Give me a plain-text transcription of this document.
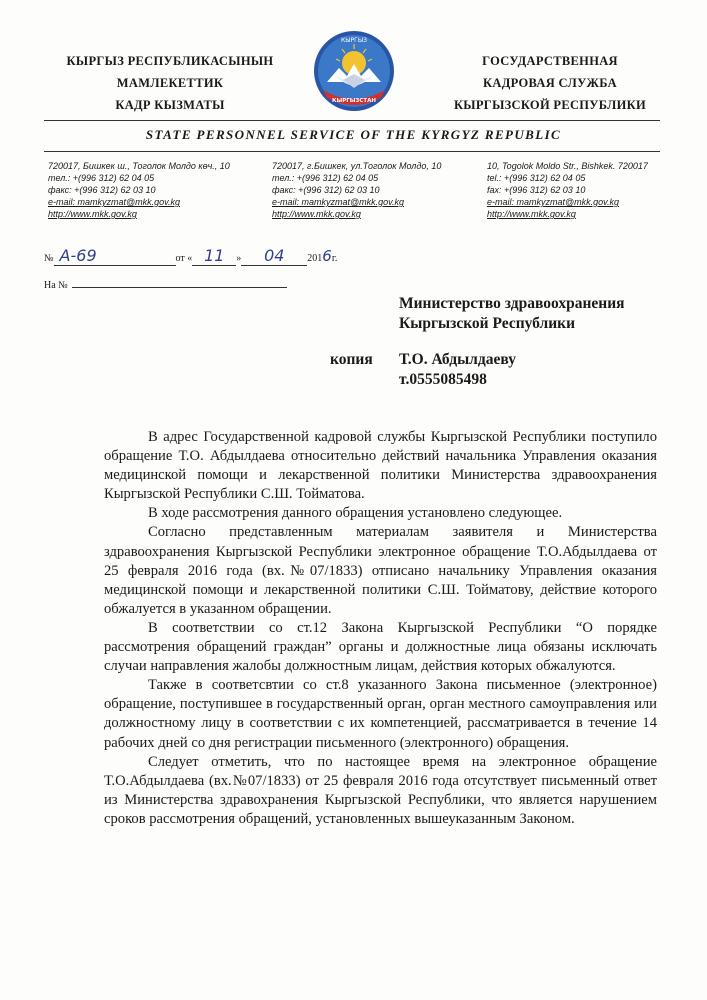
КЫРГЫЗ РЕСПУБЛИКАСЫНЫН
МАМЛЕКЕТТИК
КАДР КЫЗМАТЫ
КЫРГЫЗ
КЫРГЫЗСТАН
ГОСУДАРСТВЕННАЯ
КАДРОВАЯ СЛУЖБА
КЫРГЫЗСКОЙ РЕСПУБЛИКИ
STATE PERSONNEL SERVICE OF THE KYRGYZ REPUBLIC
720017, Бишкек ш., Тоголок Молдо көч., 10
тел.: +(996 312) 62 04 05
факс: +(996 312) 62 03 10
e-mail: mamkyzmat@mkk.gov.kg
http://www.mkk.gov.kg
720017, г.Бишкек, ул.Тоголок Молдо, 10
тел.: +(996 312) 62 04 05
факс: +(996 312) 62 03 10
e-mail: mamkyzmat@mkk.gov.kg
http://www.mkk.gov.kg
10, Togolok Moldo Str., Bishkek. 720017
tel.: +(996 312) 62 04 05
fax: +(996 312) 62 03 10
e-mail: mamkyzmat@mkk.gov.kg
http://www.mkk.gov.kg
№ А-69	от « 11 » 04 2016г.
На №
Министерство здравоохранения
Кыргызской Республики
копия Т.О. Абдылдаеву
т.0555085498

В адрес Государственной кадровой службы Кыргызской Республики поступило обращение Т.О. Абдылдаева относительно действий начальника Управления оказания медицинской помощи и лекарственной политики Министерства здравоохранения Кыргызской Республики С.Ш. Тойматова.

В ходе рассмотрения данного обращения установлено следующее.

Согласно представленным материалам заявителя и Министерства здравоохранения Кыргызской Республики электронное обращение Т.О.Абдылдаева от 25 февраля 2016 года (вх.№07/1833) отписано начальнику Управления оказания медицинской помощи и лекарственной политики С.Ш. Тойматову, действие которого обжалуется в указанном обращении.

В соответствии со ст.12 Закона Кыргызской Республики “О порядке рассмотрения обращений граждан” органы и должностные лица обязаны исключать случаи направления жалобы должностным лицам, действия которых обжалуются.

Также в соответсвтии со ст.8 указанного Закона письменное (электронное) обращение, поступившее в государственный орган, орган местного самоуправления или должностному лицу в соответствии с их компетенцией, рассматривается в течение 14 рабочих дней со дня регистрации письменного (электронного) обращения.

Следует отметить, что по настоящее время на электронное обращение Т.О.Абдылдаева (вх.№07/1833) от 25 февраля 2016 года отсутствует письменный ответ из Министерства здравохранения Кыргызской Республики, что является нарушением сроков рассмотрения обращений, установленных вышеуказанным Законом.
